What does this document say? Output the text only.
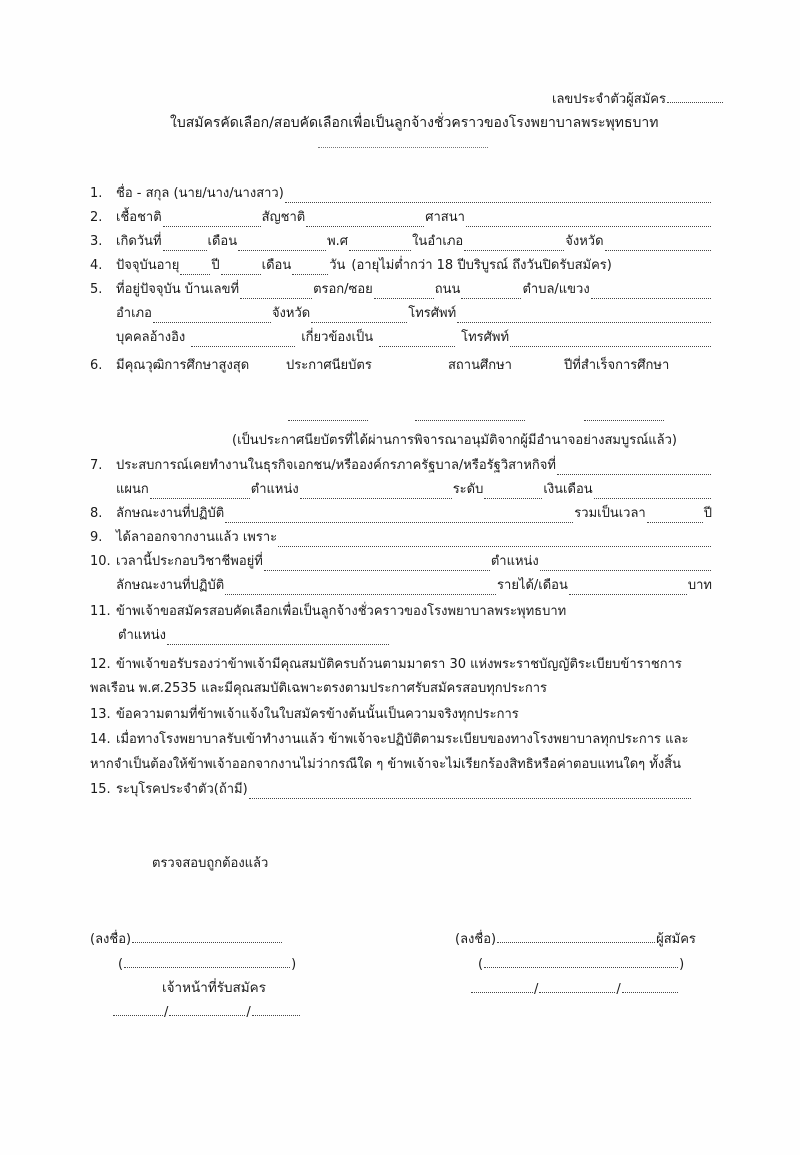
เลขประจำตัวผู้สมัคร
ใบสมัครคัดเลือก/สอบคัดเลือกเพื่อเป็นลูกจ้างชั่วคราวของโรงพยาบาลพระพุทธบาท
1.	ชื่อ - สกุล (นาย/นาง/นางสาว)
2.	เชื้อชาติ	สัญชาติ	ศาสนา
3.	เกิดวันที่	เดือน	พ.ศ	ในอำเภอ	จังหวัด
4.	ปัจจุบันอายุ ปี	เดือน	วัน (อายุไม่ต่ำกว่า 18 ปีบริบูรณ์ ถึงวันปิดรับสมัคร)
5.	ที่อยู่ปัจจุบัน บ้านเลขที่	ตรอก/ซอย	ถนน	ตำบล/แขวง
อำเภอ	จังหวัด	โทรศัพท์
บุคคลอ้างอิง	เกี่ยวข้องเป็น	โทรศัพท์
6. มีคุณวุฒิการศึกษาสูงสุด	ประกาศนียบัตร	สถานศึกษา	ปีที่สำเร็จการศึกษา
(เป็นประกาศนียบัตรที่ได้ผ่านการพิจารณาอนุมัติจากผู้มีอำนาจอย่างสมบูรณ์แล้ว)
7.	ประสบการณ์เคยทำงานในธุรกิจเอกชน/หรือองค์กรภาครัฐบาล/หรือรัฐวิสาหกิจที่
แผนก	ตำแหน่ง	ระดับ	เงินเดือน
8.	ลักษณะงานที่ปฏิบัติ	รวมเป็นเวลา	ปี
9.	ได้ลาออกจากงานแล้ว เพราะ
10. เวลานี้ประกอบวิชาชีพอยู่ที่	ตำแหน่ง
ลักษณะงานที่ปฏิบัติ	รายได้/เดือน	บาท
11. ข้าพเจ้าขอสมัครสอบคัดเลือกเพื่อเป็นลูกจ้างชั่วคราวของโรงพยาบาลพระพุทธบาท
ตำแหน่ง
12. ข้าพเจ้าขอรับรองว่าข้าพเจ้ามีคุณสมบัติครบถ้วนตามมาตรา 30 แห่งพระราชบัญญัติระเบียบข้าราชการ
พลเรือน พ.ศ.2535 และมีคุณสมบัติเฉพาะตรงตามประกาศรับสมัครสอบทุกประการ
13. ข้อความตามที่ข้าพเจ้าแจ้งในใบสมัครข้างต้นนั้นเป็นความจริงทุกประการ
14. เมื่อทางโรงพยาบาลรับเข้าทำงานแล้ว ข้าพเจ้าจะปฏิบัติตามระเบียบของทางโรงพยาบาลทุกประการ และ
หากจำเป็นต้องให้ข้าพเจ้าออกจากงานไม่ว่ากรณีใด ๆ ข้าพเจ้าจะไม่เรียกร้องสิทธิหรือค่าตอบแทนใดๆ ทั้งสิ้น
15. ระบุโรคประจำตัว(ถ้ามี)
ตรวจสอบถูกต้องแล้ว
(ลงชื่อ)
(	)
เจ้าหน้าที่รับสมัคร
/	/
(ลงชื่อ)	ผู้สมัคร
(	)
/	/
